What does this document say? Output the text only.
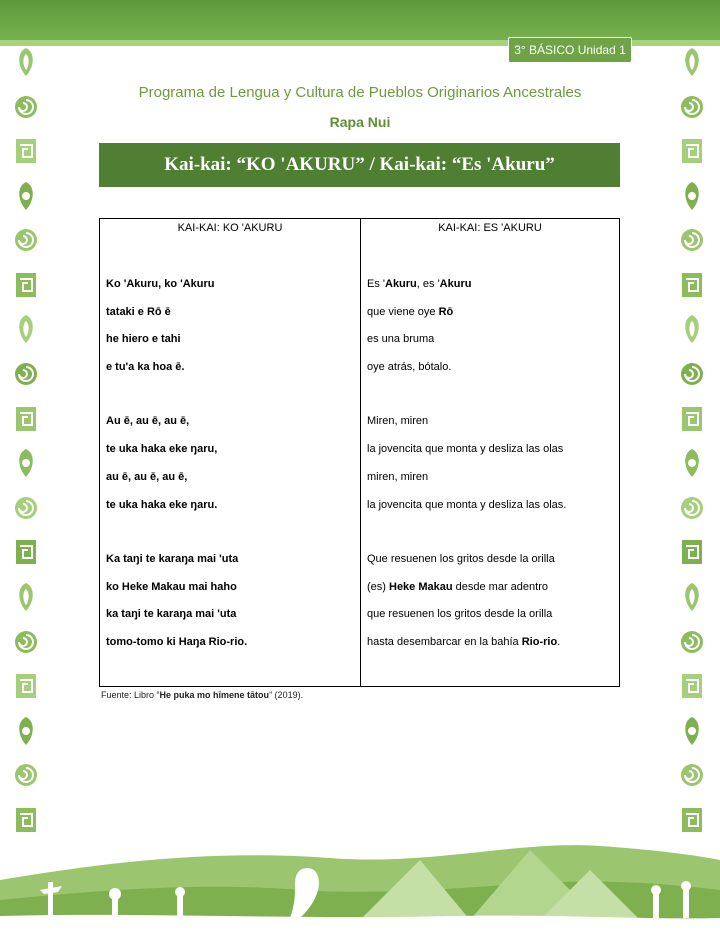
3° BÁSICO Unidad 1
Programa de Lengua y Cultura de Pueblos Originarios Ancestrales
Rapa Nui
Kai-kai: “KO 'AKURU” / Kai-kai: “Es 'Akuru”
KAI-KAI: KO 'AKURU
Ko 'Akuru, ko 'Akuru
tataki e Rō ē
he hiero e tahi
e tu'a ka hoa ē.
Au ē, au ē, au ē,
te uka haka eke ŋaru,
au ē, au ē, au ē,
te uka haka eke ŋaru.
Ka taŋi te karaŋa mai 'uta
ko Heke Makau mai haho
ka taŋi te karaŋa mai 'uta
tomo-tomo ki Haŋa Rio-rio.
KAI-KAI: ES 'AKURU
Es 'Akuru, es 'Akuru
que viene oye Rō
es una bruma
oye atrás, bótalo.
Miren, miren
la jovencita que monta y desliza las olas
miren, miren
la jovencita que monta y desliza las olas.
Que resuenen los gritos desde la orilla
(es) Heke Makau desde mar adentro
que resuenen los gritos desde la orilla
hasta desembarcar en la bahía Rio-rio.
Fuente: Libro “He puka mo hīmene tātou” (2019).
